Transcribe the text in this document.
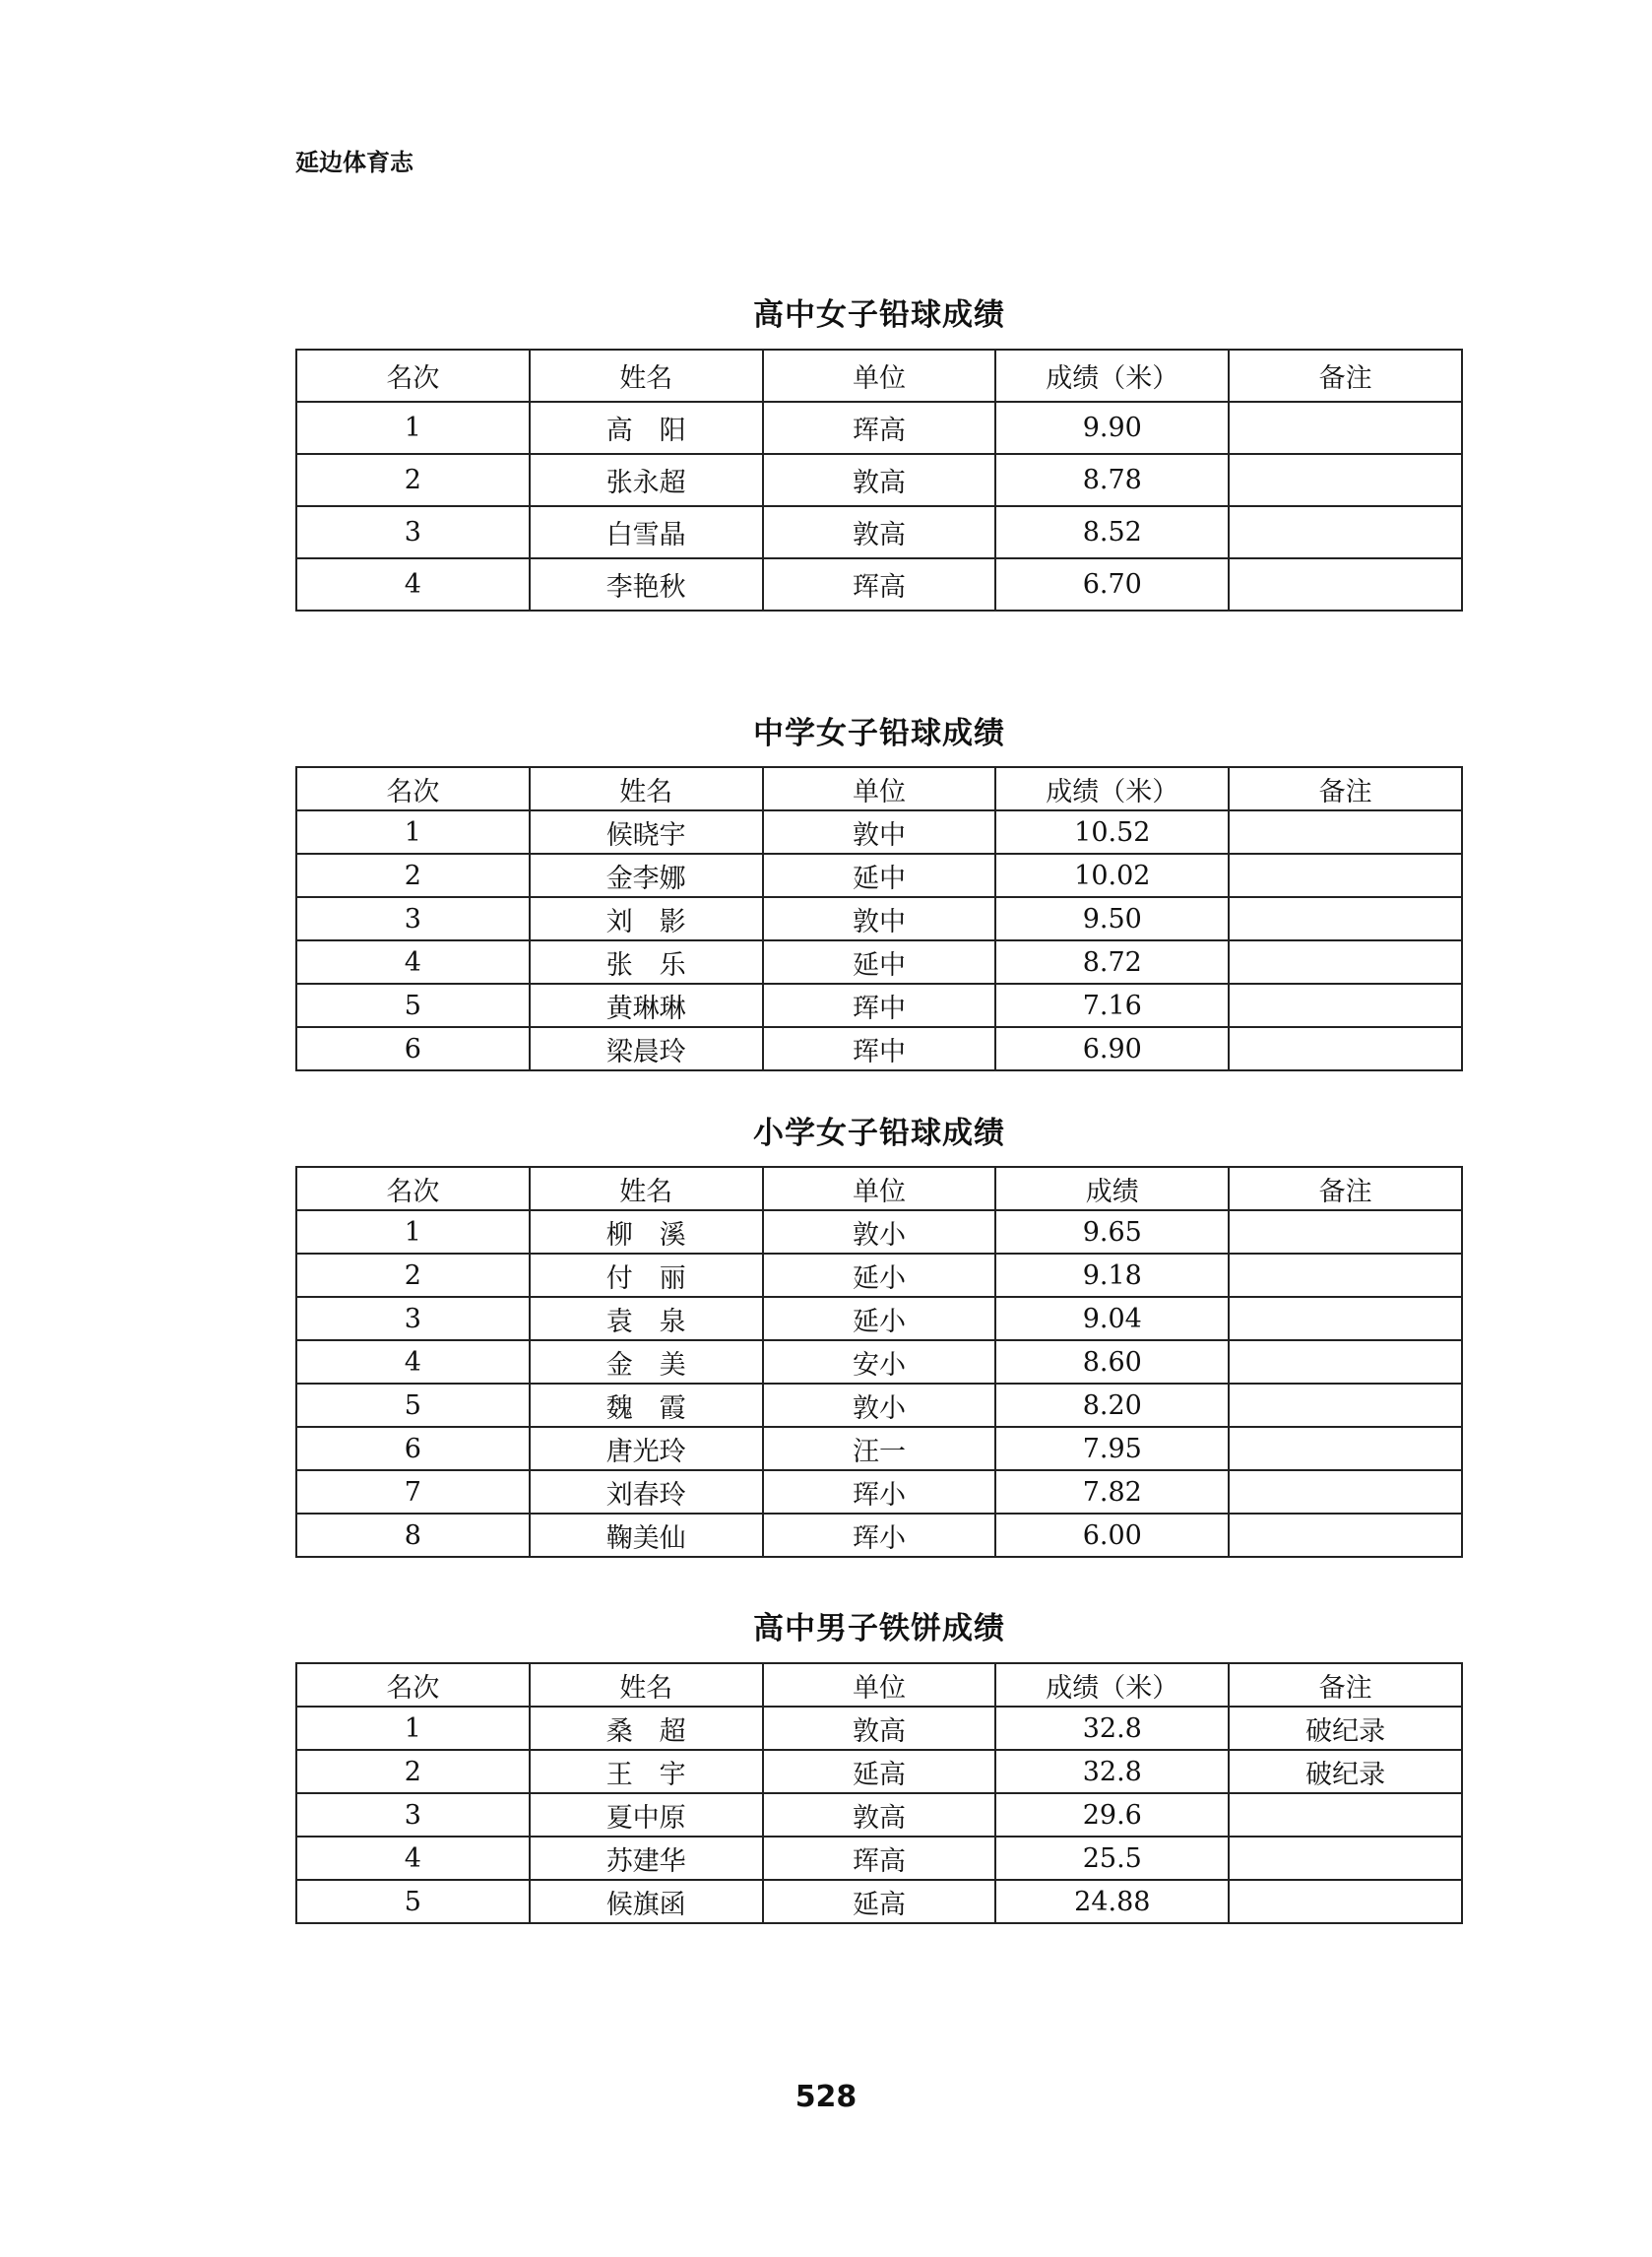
延边体育志
高中女子铅球成绩
名次	姓名	单位	成绩（米）	备注
1	高　阳	珲高	9.90	
2	张永超	敦高	8.78	
3	白雪晶	敦高	8.52	
4	李艳秋	珲高	6.70	
中学女子铅球成绩
名次	姓名	单位	成绩（米）	备注
1	候晓宇	敦中	10.52	
2	金李娜	延中	10.02	
3	刘　影	敦中	9.50	
4	张　乐	延中	8.72	
5	黄琳琳	珲中	7.16	
6	梁晨玲	珲中	6.90	
小学女子铅球成绩
名次	姓名	单位	成绩	备注
1	柳　溪	敦小	9.65	
2	付　丽	延小	9.18	
3	袁　泉	延小	9.04	
4	金　美	安小	8.60	
5	魏　霞	敦小	8.20	
6	唐光玲	汪一	7.95	
7	刘春玲	珲小	7.82	
8	鞠美仙	珲小	6.00	
高中男子铁饼成绩
名次	姓名	单位	成绩（米）	备注
1	桑　超	敦高	32.8	破纪录
2	王　宇	延高	32.8	破纪录
3	夏中原	敦高	29.6	
4	苏建华	珲高	25.5	
5	候旗函	延高	24.88	
528
